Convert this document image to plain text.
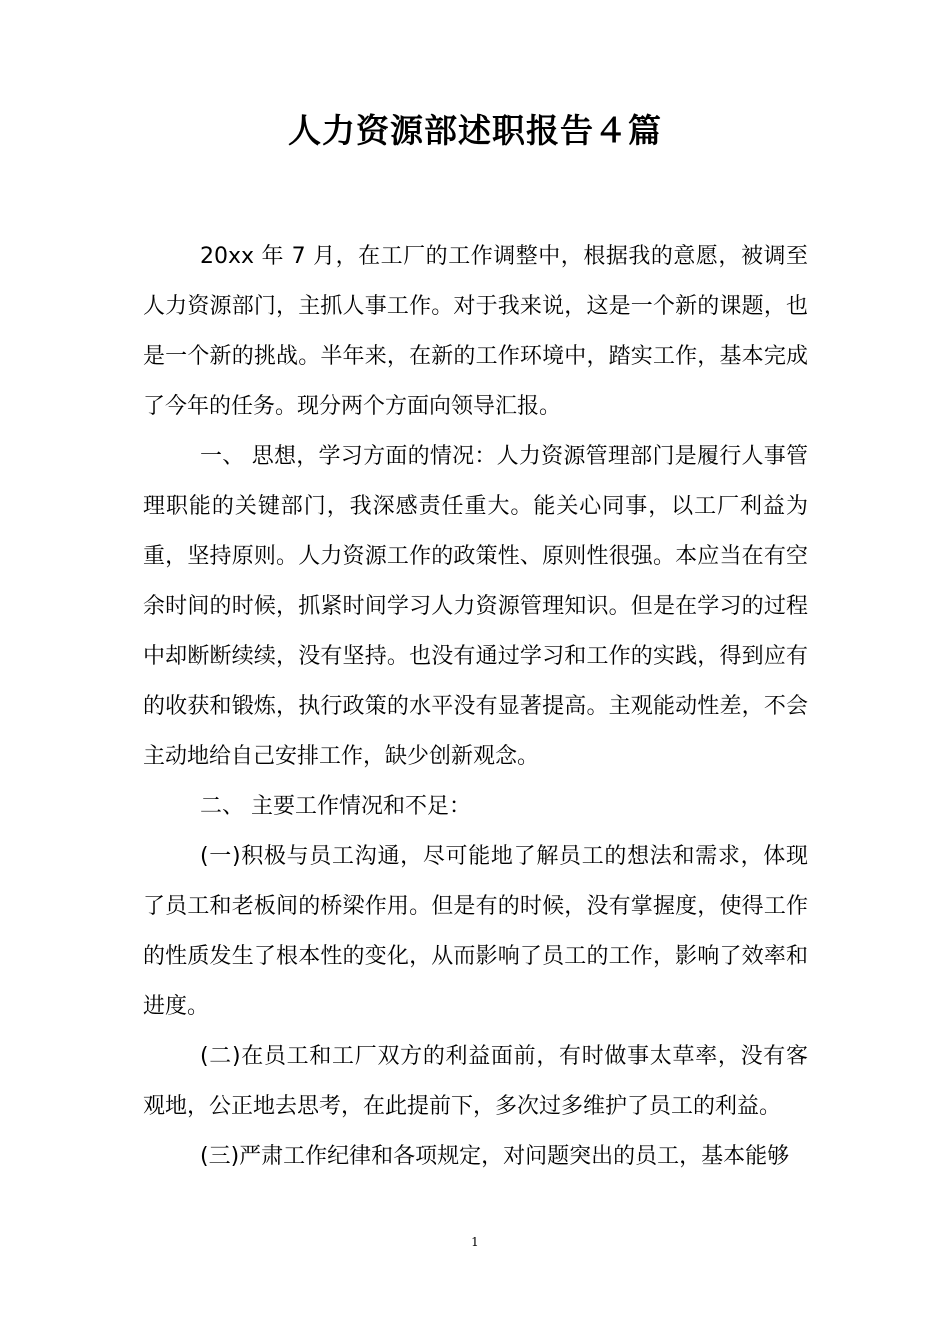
人力资源部述职报告４篇

20xx 年 7 月，在工厂的工作调整中，根据我的意愿，被调至人力资源部门，主抓人事工作。对于我来说，这是一个新的课题，也是一个新的挑战。半年来，在新的工作环境中，踏实工作，基本完成了今年的任务。现分两个方面向领导汇报。

一、 思想，学习方面的情况：人力资源管理部门是履行人事管理职能的关键部门，我深感责任重大。能关心同事，以工厂利益为重，坚持原则。人力资源工作的政策性、原则性很强。本应当在有空余时间的时候，抓紧时间学习人力资源管理知识。但是在学习的过程中却断断续续，没有坚持。也没有通过学习和工作的实践，得到应有的收获和锻炼，执行政策的水平没有显著提高。主观能动性差，不会主动地给自己安排工作，缺少创新观念。

二、 主要工作情况和不足：

(一)积极与员工沟通，尽可能地了解员工的想法和需求，体现了员工和老板间的桥梁作用。但是有的时候，没有掌握度，使得工作的性质发生了根本性的变化，从而影响了员工的工作，影响了效率和进度。

(二)在员工和工厂双方的利益面前，有时做事太草率，没有客观地，公正地去思考，在此提前下，多次过多维护了员工的利益。

(三)严肃工作纪律和各项规定，对问题突出的员工，基本能够

1
